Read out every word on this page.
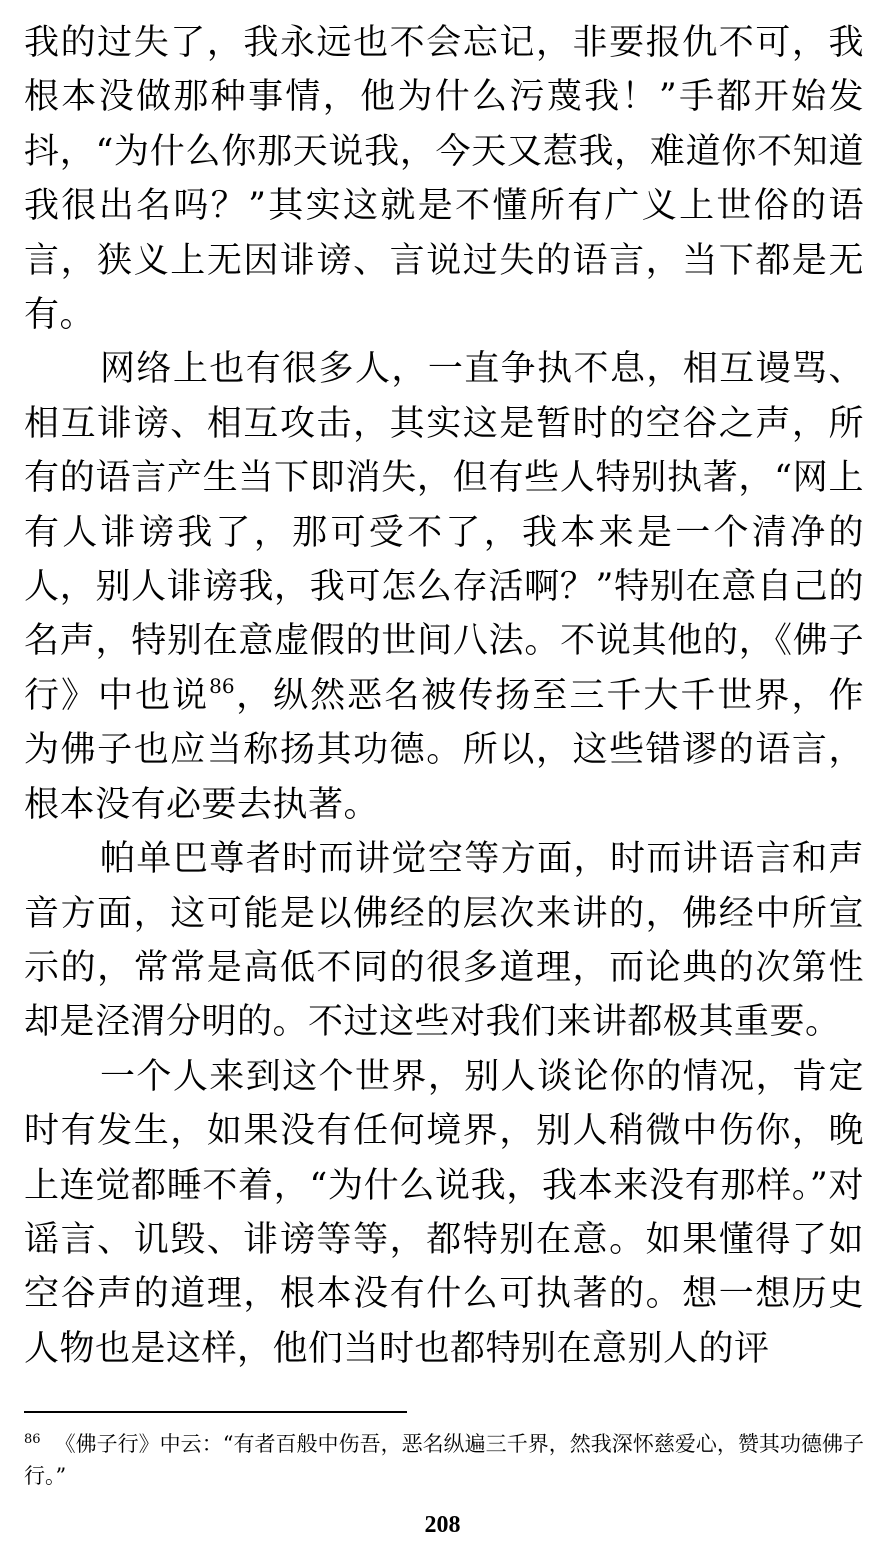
我的过失了，我永远也不会忘记，非要报仇不可，我根本没做那种事情，他为什么污蔑我！”手都开始发抖，“为什么你那天说我，今天又惹我，难道你不知道我很出名吗？”其实这就是不懂所有广义上世俗的语言，狭义上无因诽谤、言说过失的语言，当下都是无有。

网络上也有很多人，一直争执不息，相互谩骂、相互诽谤、相互攻击，其实这是暂时的空谷之声，所有的语言产生当下即消失，但有些人特别执著，“网上有人诽谤我了，那可受不了，我本来是一个清净的人，别人诽谤我，我可怎么存活啊？”特别在意自己的名声，特别在意虚假的世间八法。不说其他的，《佛子行》中也说$^{86}$，纵然恶名被传扬至三千大千世界，作为佛子也应当称扬其功德。所以，这些错谬的语言，根本没有必要去执著。

帕单巴尊者时而讲觉空等方面，时而讲语言和声音方面，这可能是以佛经的层次来讲的，佛经中所宣示的，常常是高低不同的很多道理，而论典的次第性却是泾渭分明的。不过这些对我们来讲都极其重要。

一个人来到这个世界，别人谈论你的情况，肯定时有发生，如果没有任何境界，别人稍微中伤你，晚上连觉都睡不着，“为什么说我，我本来没有那样。”对谣言、讥毁、诽谤等等，都特别在意。如果懂得了如空谷声的道理，根本没有什么可执著的。想一想历史人物也是这样，他们当时也都特别在意别人的评

$^{86}$ 《佛子行》中云：“有者百般中伤吾，恶名纵遍三千界，然我深怀慈爱心，赞其功德佛子行。”
208
